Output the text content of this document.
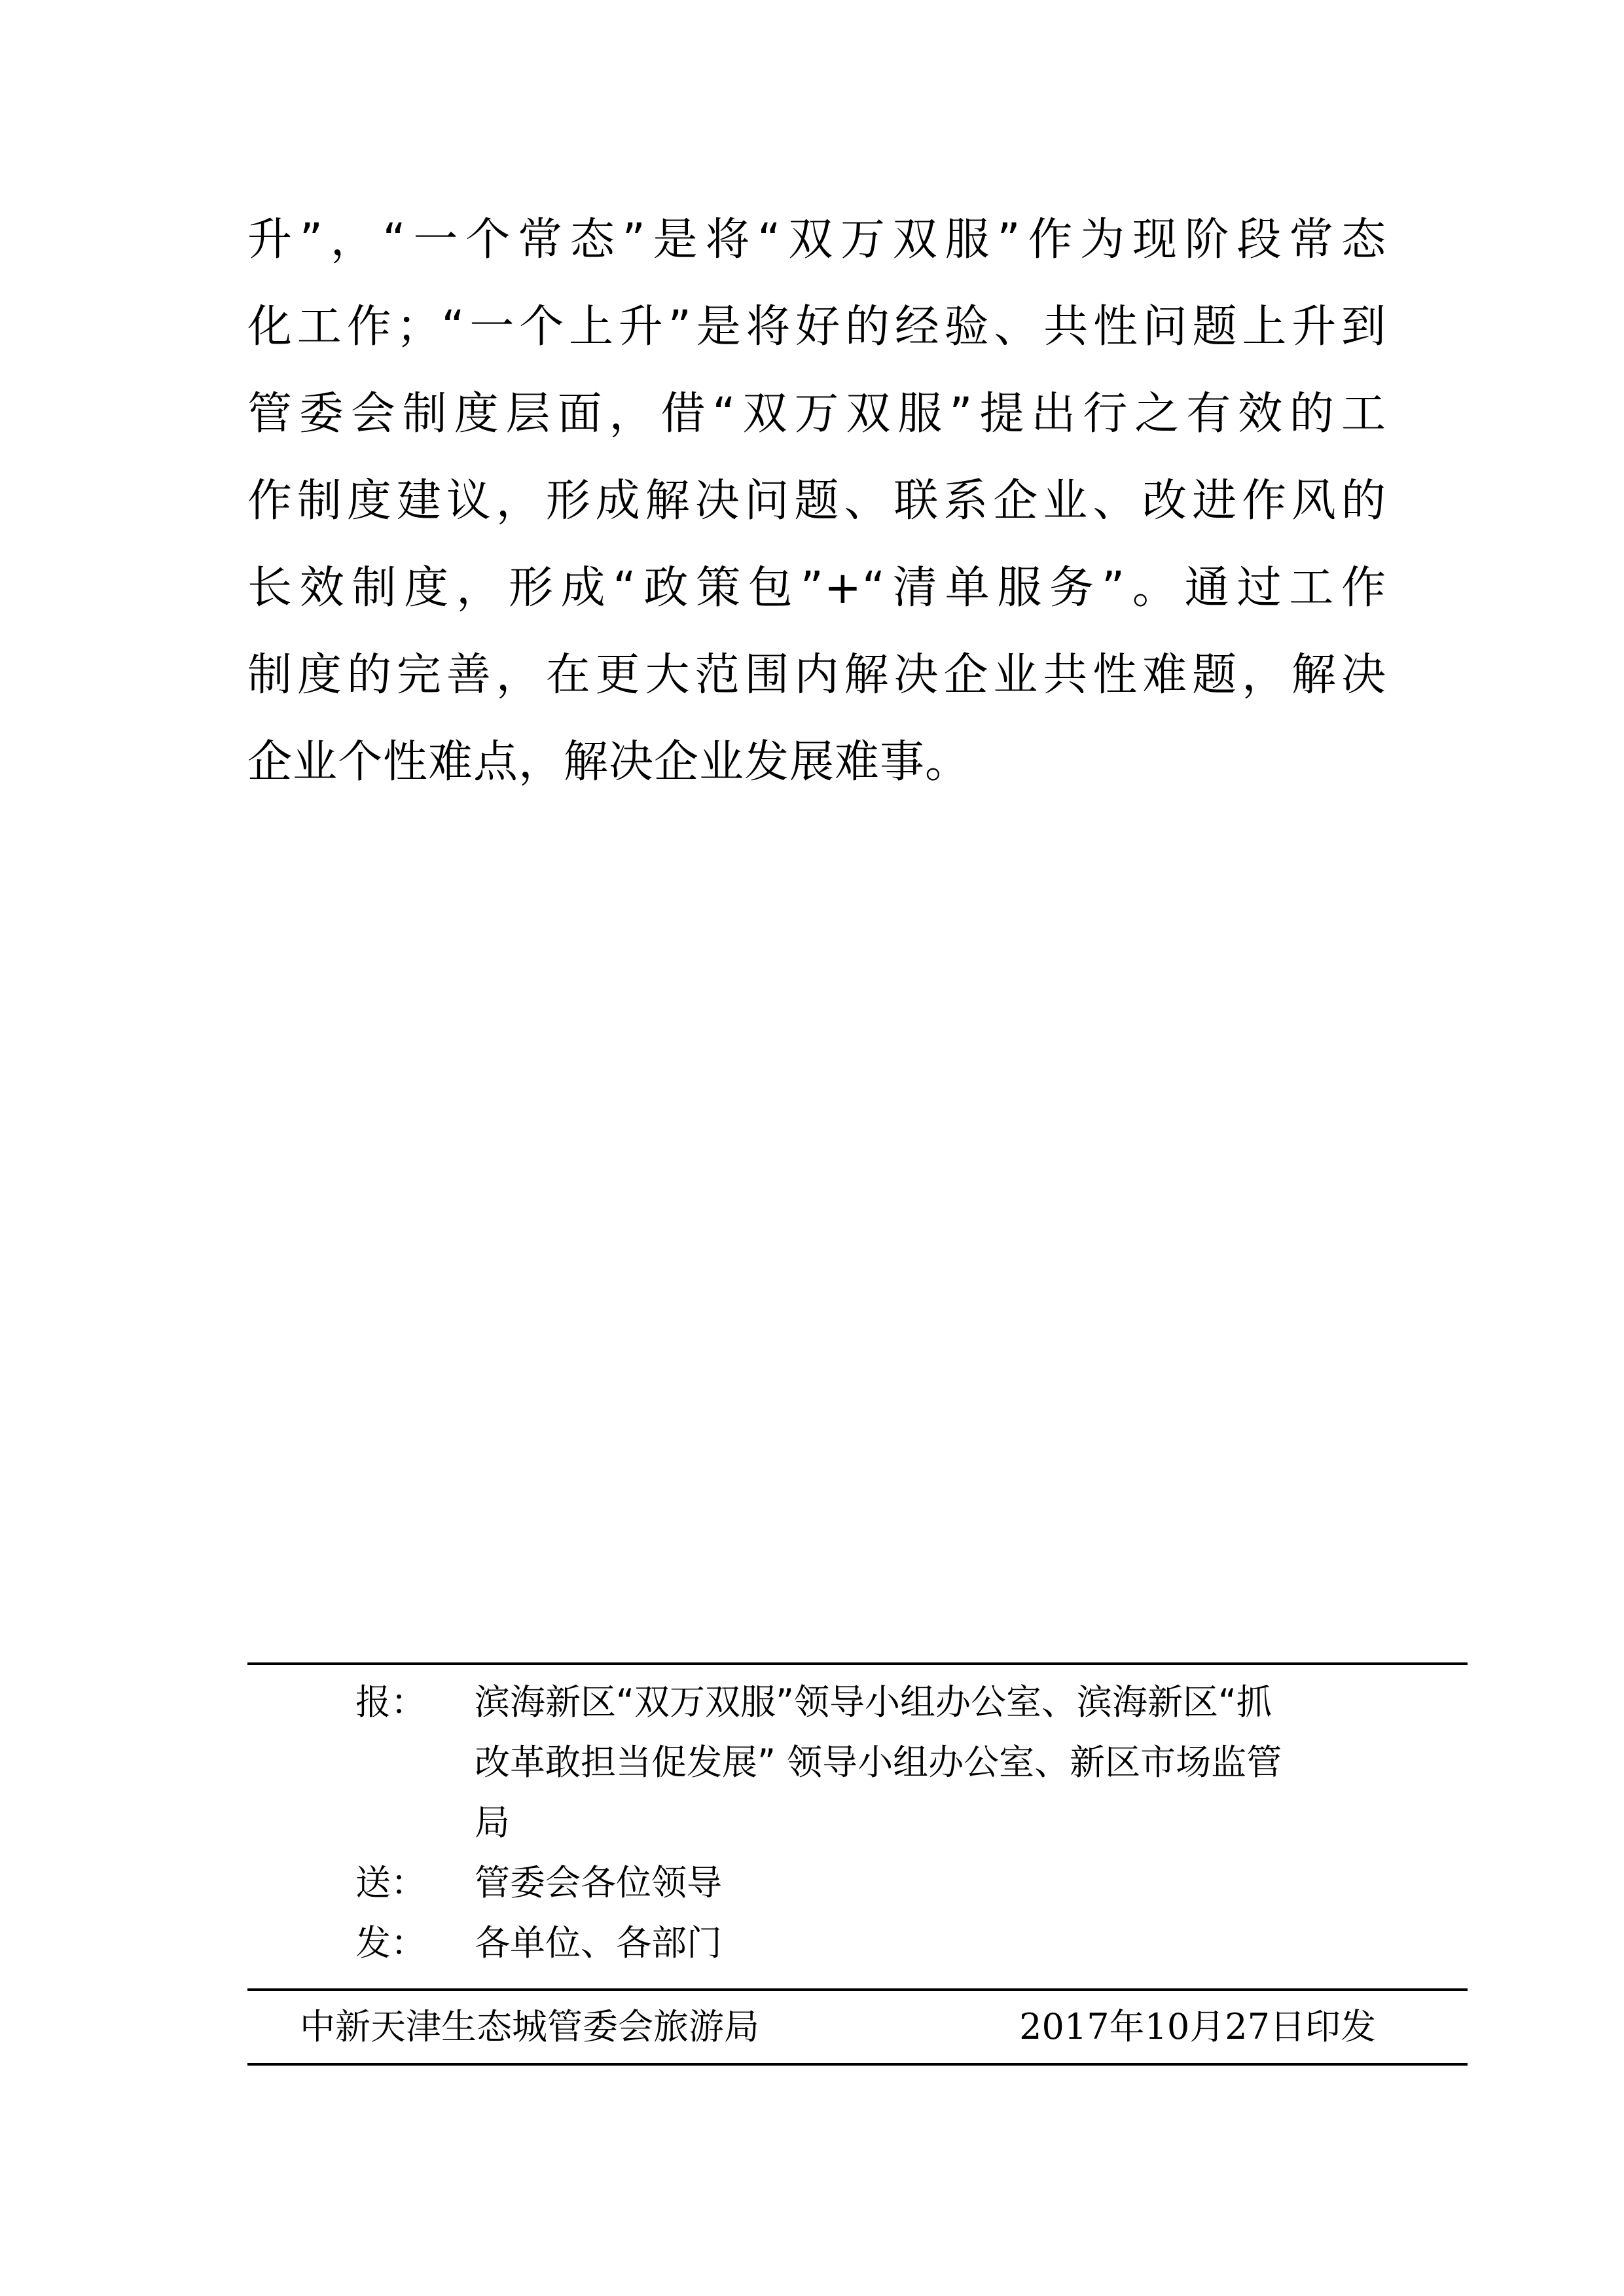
升”，“一个常态”是将“双万双服”作为现阶段常态
化工作；“一个上升”是将好的经验、共性问题上升到
管委会制度层面，借“双万双服”提出行之有效的工
作制度建议，形成解决问题、联系企业、改进作风的
长效制度，形成“政策包”+“清单服务”。通过工作
制度的完善，在更大范围内解决企业共性难题，解决
企业个性难点，解决企业发展难事。
报：	滨海新区“双万双服”领导小组办公室、滨海新区“抓
改革敢担当促发展” 领导小组办公室、新区市场监管
局
送：	管委会各位领导
发：	各单位、各部门
中新天津生态城管委会旅游局	2017年10月27日印发
